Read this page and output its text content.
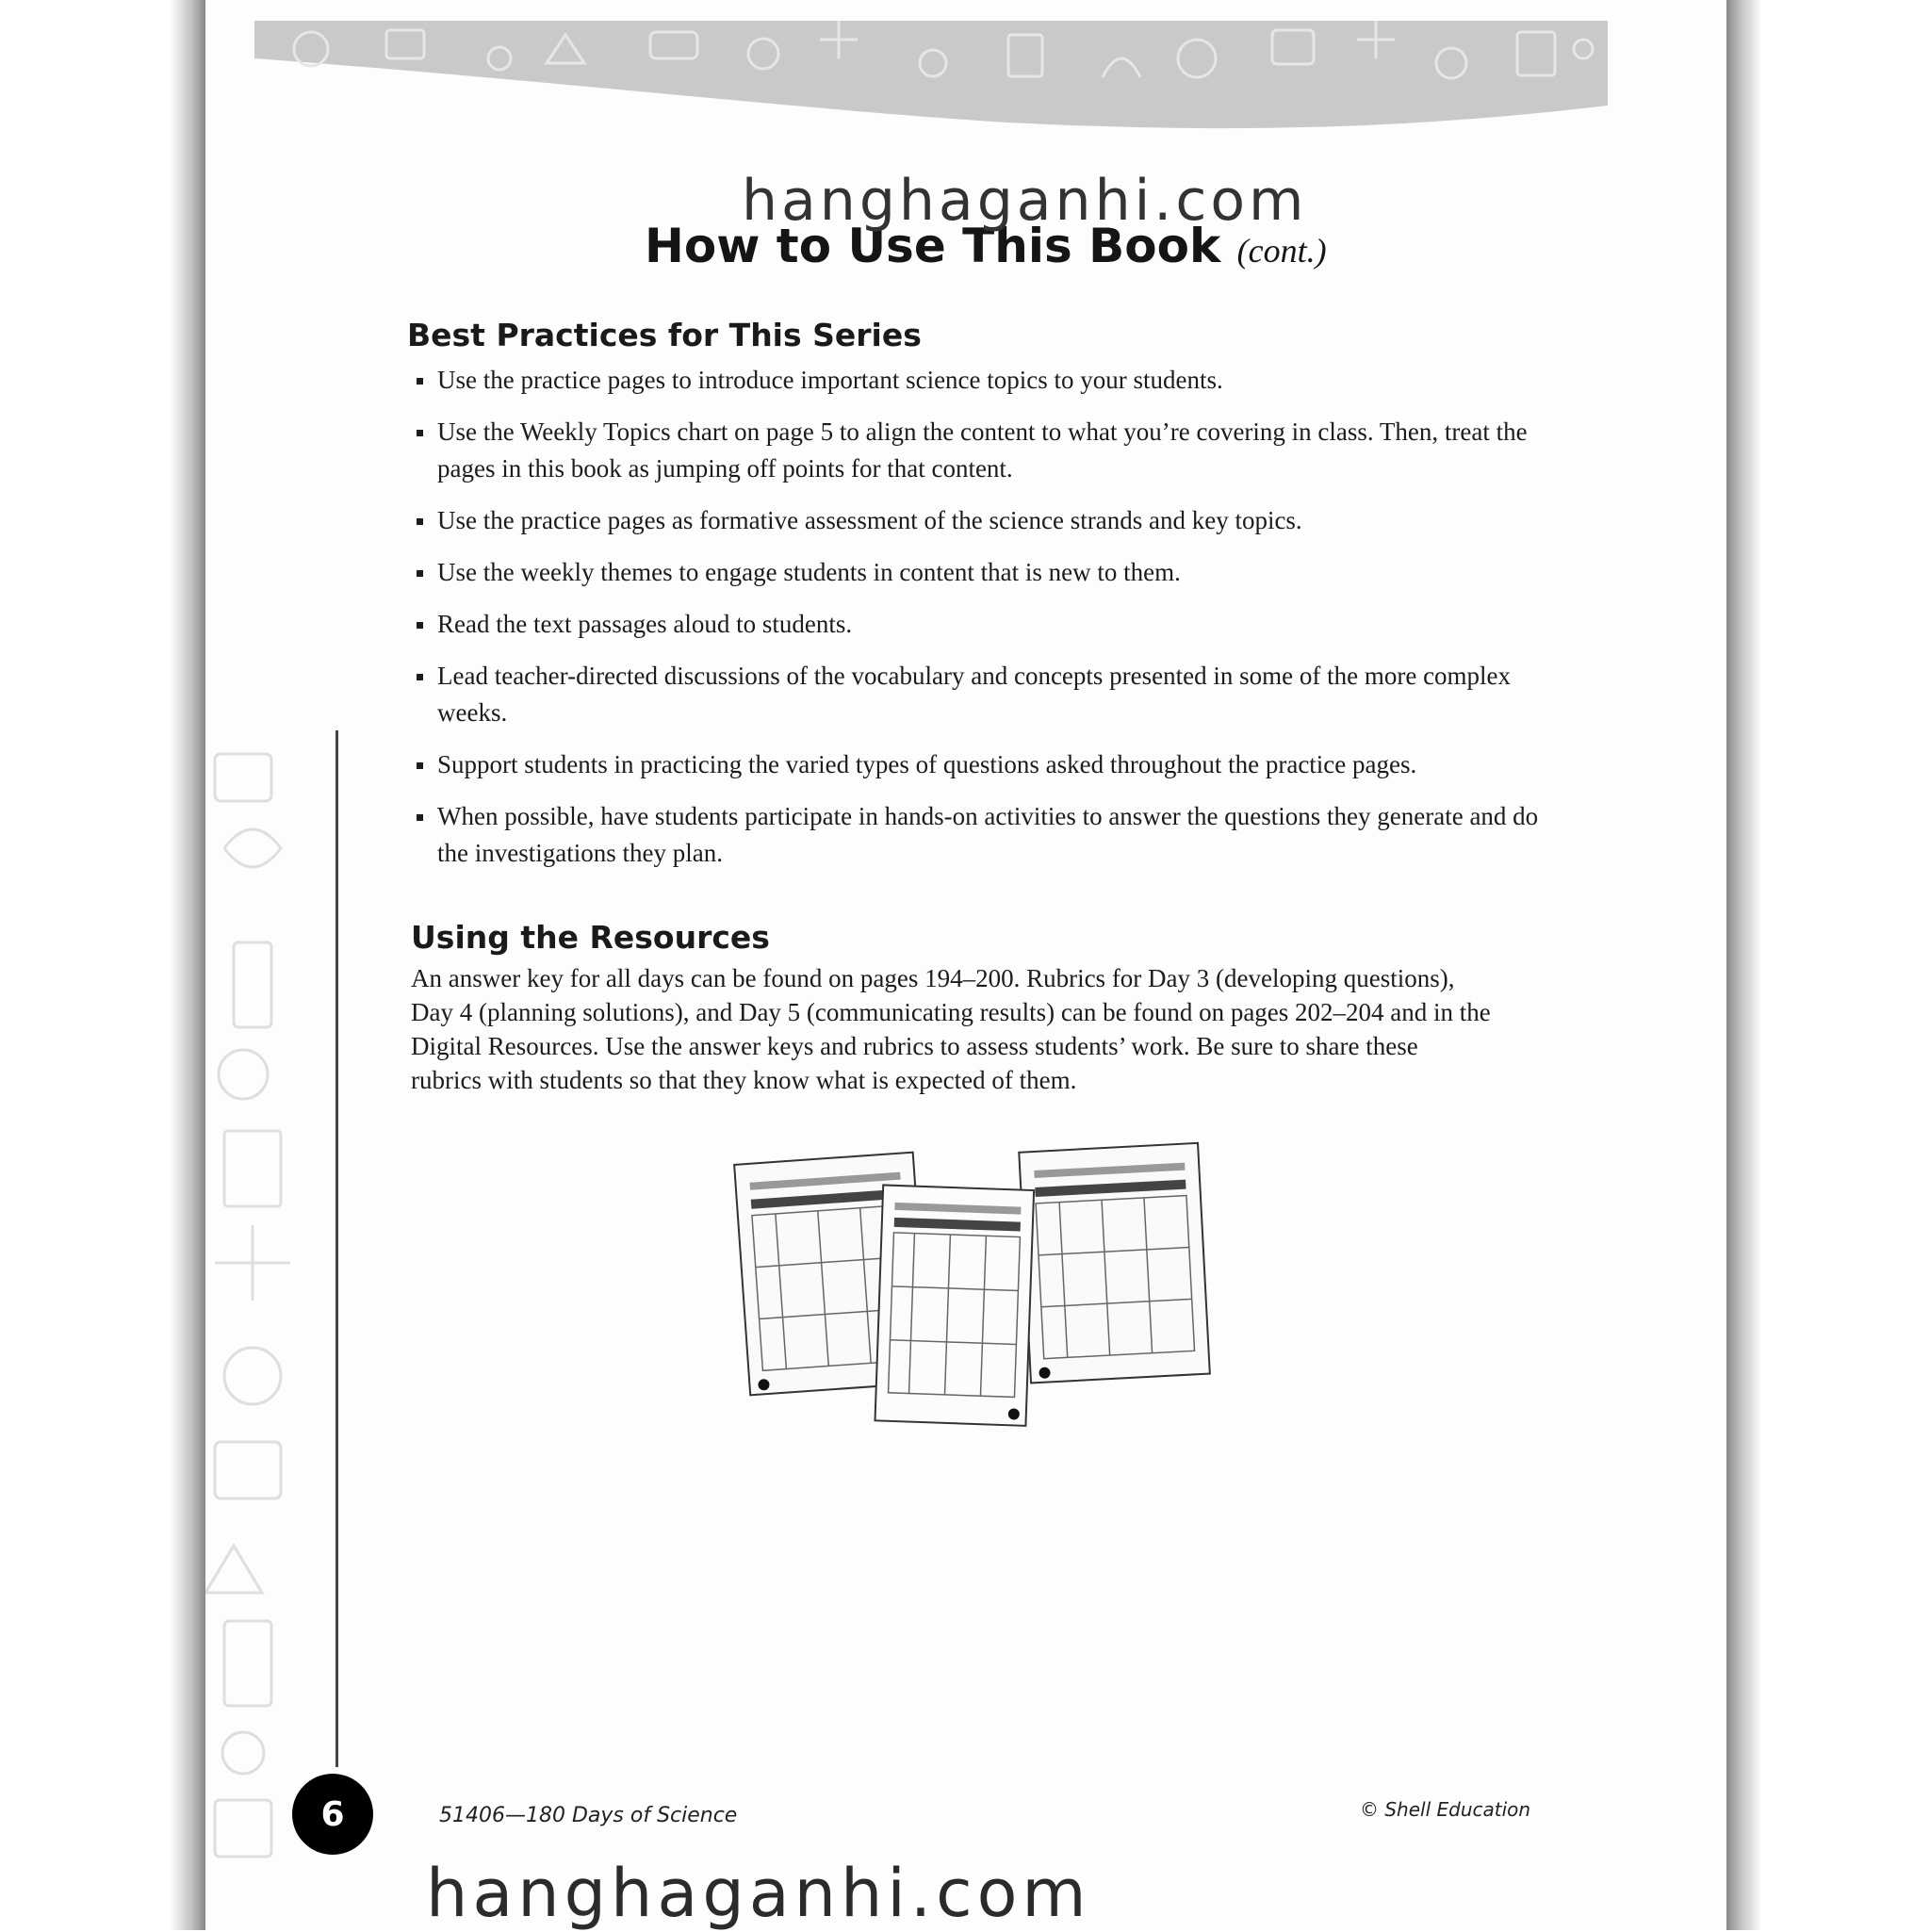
How to Use This Book (cont.)
Best Practices for This Series
Use the practice pages to introduce important science topics to your students.
Use the Weekly Topics chart on page 5 to align the content to what you’re covering in class. Then, treat the pages in this book as jumping off points for that content.
Use the practice pages as formative assessment of the science strands and key topics.
Use the weekly themes to engage students in content that is new to them.
Read the text passages aloud to students.
Lead teacher-directed discussions of the vocabulary and concepts presented in some of the more complex weeks.
Support students in practicing the varied types of questions asked throughout the practice pages.
When possible, have students participate in hands-on activities to answer the questions they generate and do the investigations they plan.
Using the Resources

An answer key for all days can be found on pages 194–200. Rubrics for Day 3 (developing questions), Day 4 (planning solutions), and Day 5 (communicating results) can be found on pages 202–204 and in the Digital Resources. Use the answer keys and rubrics to assess students’ work. Be sure to share these rubrics with students so that they know what is expected of them.

6	51406—180 Days of Science	© Shell Education
hanghaganhi.com
hanghaganhi.com
